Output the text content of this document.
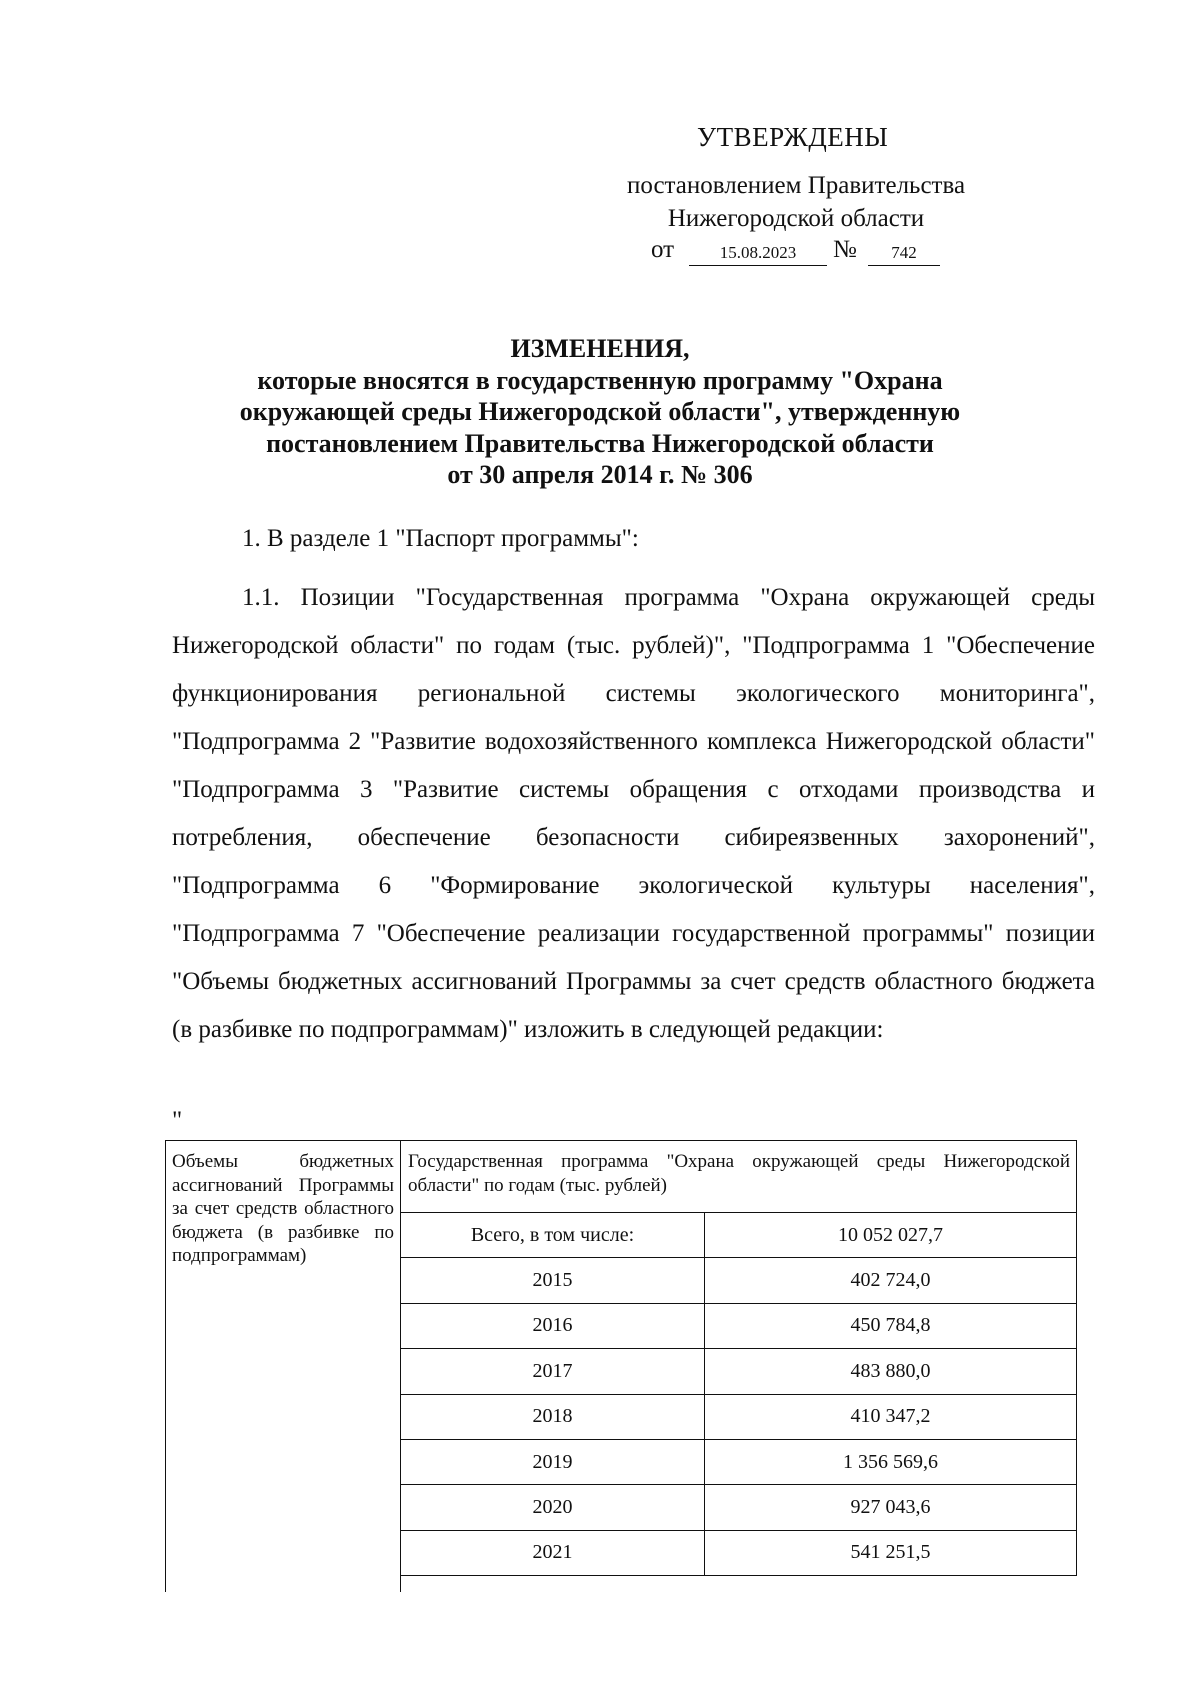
УТВЕРЖДЕНЫ
постановлением Правительства
Нижегородской области
от	15.08.2023	№	742
ИЗМЕНЕНИЯ,
которые вносятся в государственную программу "Охрана
окружающей среды Нижегородской области", утвержденную
постановлением Правительства Нижегородской области
от 30 апреля 2014 г. № 306
1. В разделе 1 "Паспорт программы":
1.1. Позиции "Государственная программа "Охрана окружающей среды Нижегородской области" по годам (тыс. рублей)", "Подпрограмма 1 "Обеспечение функционирования региональной системы экологического мониторинга", "Подпрограмма 2 "Развитие водохозяйственного комплекса Нижегородской области" "Подпрограмма 3 "Развитие системы обращения с отходами производства и потребления, обеспечение безопасности сибиреязвенных захоронений", "Подпрограмма 6 "Формирование экологической культуры населения", "Подпрограмма 7 "Обеспечение реализации государственной программы" позиции "Объемы бюджетных ассигнований Программы за счет средств областного бюджета (в разбивке по подпрограммам)" изложить в следующей редакции:
"
Объемы бюджетных ассигнований Программы за счет средств областного бюджета (в разбивке по подпрограммам)
Государственная программа "Охрана окружающей среды Нижегородской области" по годам (тыс. рублей)
Всего, в том числе:	10 052 027,7
2015	402 724,0
2016	450 784,8
2017	483 880,0
2018	410 347,2
2019	1 356 569,6
2020	927 043,6
2021	541 251,5
